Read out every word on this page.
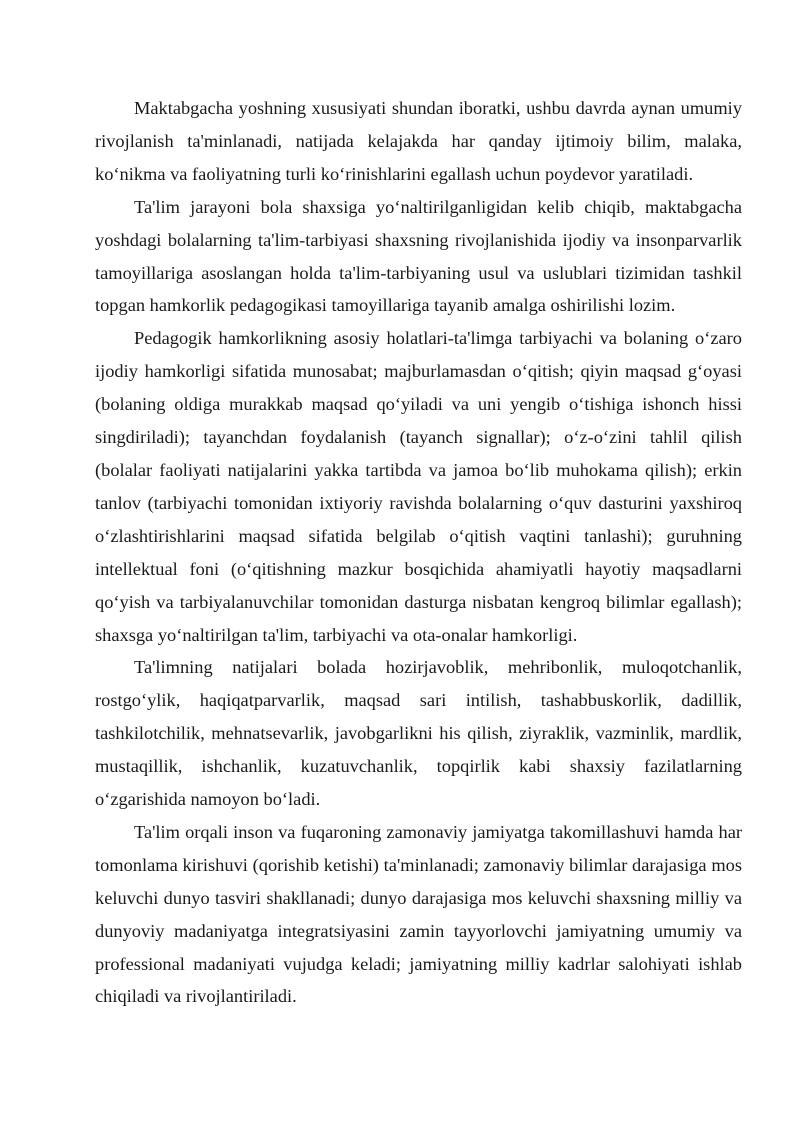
Maktabgacha yoshning xususiyati shundan iboratki, ushbu davrda aynan umumiy rivojlanish ta'minlanadi, natijada kelajakda har qanday ijtimoiy bilim, malaka, ko‘nikma va faoliyatning turli ko‘rinishlarini egallash uchun poydevor yaratiladi.

Ta'lim jarayoni bola shaxsiga yo‘naltirilganligidan kelib chiqib, maktabgacha yoshdagi bolalarning ta'lim-tarbiyasi shaxsning rivojlanishida ijodiy va insonparvarlik tamoyillariga asoslangan holda ta'lim-tarbiyaning usul va uslublari tizimidan tashkil topgan hamkorlik pedagogikasi tamoyillariga tayanib amalga oshirilishi lozim.

Pedagogik hamkorlikning asosiy holatlari-ta'limga tarbiyachi va bolaning o‘zaro ijodiy hamkorligi sifatida munosabat; majburlamasdan o‘qitish; qiyin maqsad g‘oyasi (bolaning oldiga murakkab maqsad qo‘yiladi va uni yengib o‘tishiga ishonch hissi singdiriladi); tayanchdan foydalanish (tayanch signallar); o‘z-o‘zini tahlil qilish (bolalar faoliyati natijalarini yakka tartibda va jamoa bo‘lib muhokama qilish); erkin tanlov (tarbiyachi tomonidan ixtiyoriy ravishda bolalarning o‘quv dasturini yaxshiroq o‘zlashtirishlarini maqsad sifatida belgilab o‘qitish vaqtini tanlashi); guruhning intellektual foni (o‘qitishning mazkur bosqichida ahamiyatli hayotiy maqsadlarni qo‘yish va tarbiyalanuvchilar tomonidan dasturga nisbatan kengroq bilimlar egallash); shaxsga yo‘naltirilgan ta'lim, tarbiyachi va ota-onalar hamkorligi.

Ta'limning natijalari bolada hozirjavoblik, mehribonlik, muloqotchanlik, rostgo‘ylik, haqiqatparvarlik, maqsad sari intilish, tashabbuskorlik, dadillik, tashkilotchilik, mehnatsevarlik, javobgarlikni his qilish, ziyraklik, vazminlik, mardlik, mustaqillik, ishchanlik, kuzatuvchanlik, topqirlik kabi shaxsiy fazilatlarning o‘zgarishida namoyon bo‘ladi.

Ta'lim orqali inson va fuqaroning zamonaviy jamiyatga takomillashuvi hamda har tomonlama kirishuvi (qorishib ketishi) ta'minlanadi; zamonaviy bilimlar darajasiga mos keluvchi dunyo tasviri shakllanadi; dunyo darajasiga mos keluvchi shaxsning milliy va dunyoviy madaniyatga integratsiyasini zamin tayyorlovchi jamiyatning umumiy va professional madaniyati vujudga keladi; jamiyatning milliy kadrlar salohiyati ishlab chiqiladi va rivojlantiriladi.
